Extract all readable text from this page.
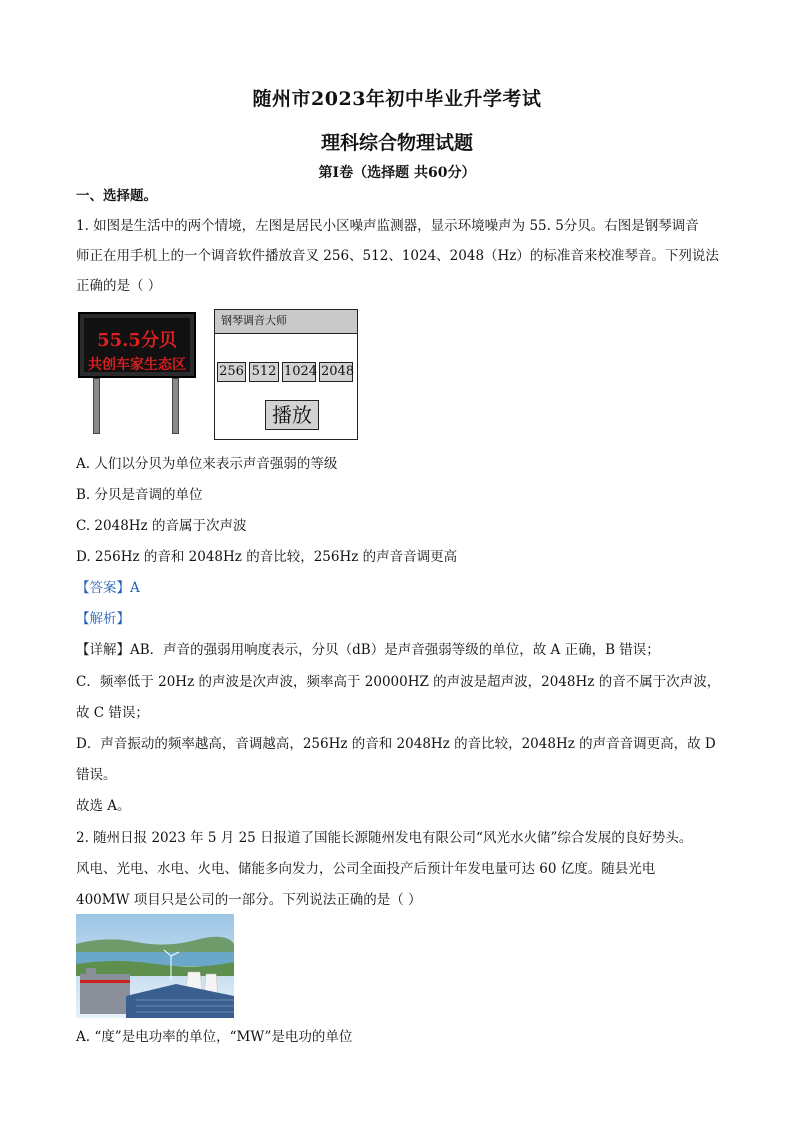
随州市2023年初中毕业升学考试
理科综合物理试题
第Ⅰ卷（选择题 共60分）
一、选择题。
1. 如图是生活中的两个情境，左图是居民小区噪声监测器，显示环境噪声为 55. 5分贝。右图是钢琴调音
师正在用手机上的一个调音软件播放音叉 256、512、1024、2048（Hz）的标准音来校准琴音。下列说法
正确的是（ ）
55.5分贝
共创车家生态区
钢琴调音大师
256 512 1024 2048
播放
A. 人们以分贝为单位来表示声音强弱的等级
B. 分贝是音调的单位
C. 2048Hz 的音属于次声波
D. 256Hz 的音和 2048Hz 的音比较，256Hz 的声音音调更高
【答案】A
【解析】
【详解】AB．声音的强弱用响度表示，分贝（dB）是声音强弱等级的单位，故 A 正确，B 错误；
C．频率低于 20Hz 的声波是次声波，频率高于 20000HZ 的声波是超声波，2048Hz 的音不属于次声波，
故 C 错误；
D．声音振动的频率越高，音调越高，256Hz 的音和 2048Hz 的音比较，2048Hz 的声音音调更高，故 D
错误。
故选 A。
2. 随州日报 2023 年 5 月 25 日报道了国能长源随州发电有限公司“风光水火储”综合发展的良好势头。
风电、光电、水电、火电、储能多向发力，公司全面投产后预计年发电量可达 60 亿度。随县光电
400MW 项目只是公司的一部分。下列说法正确的是（ ）
A. “度”是电功率的单位，“MW”是电功的单位
